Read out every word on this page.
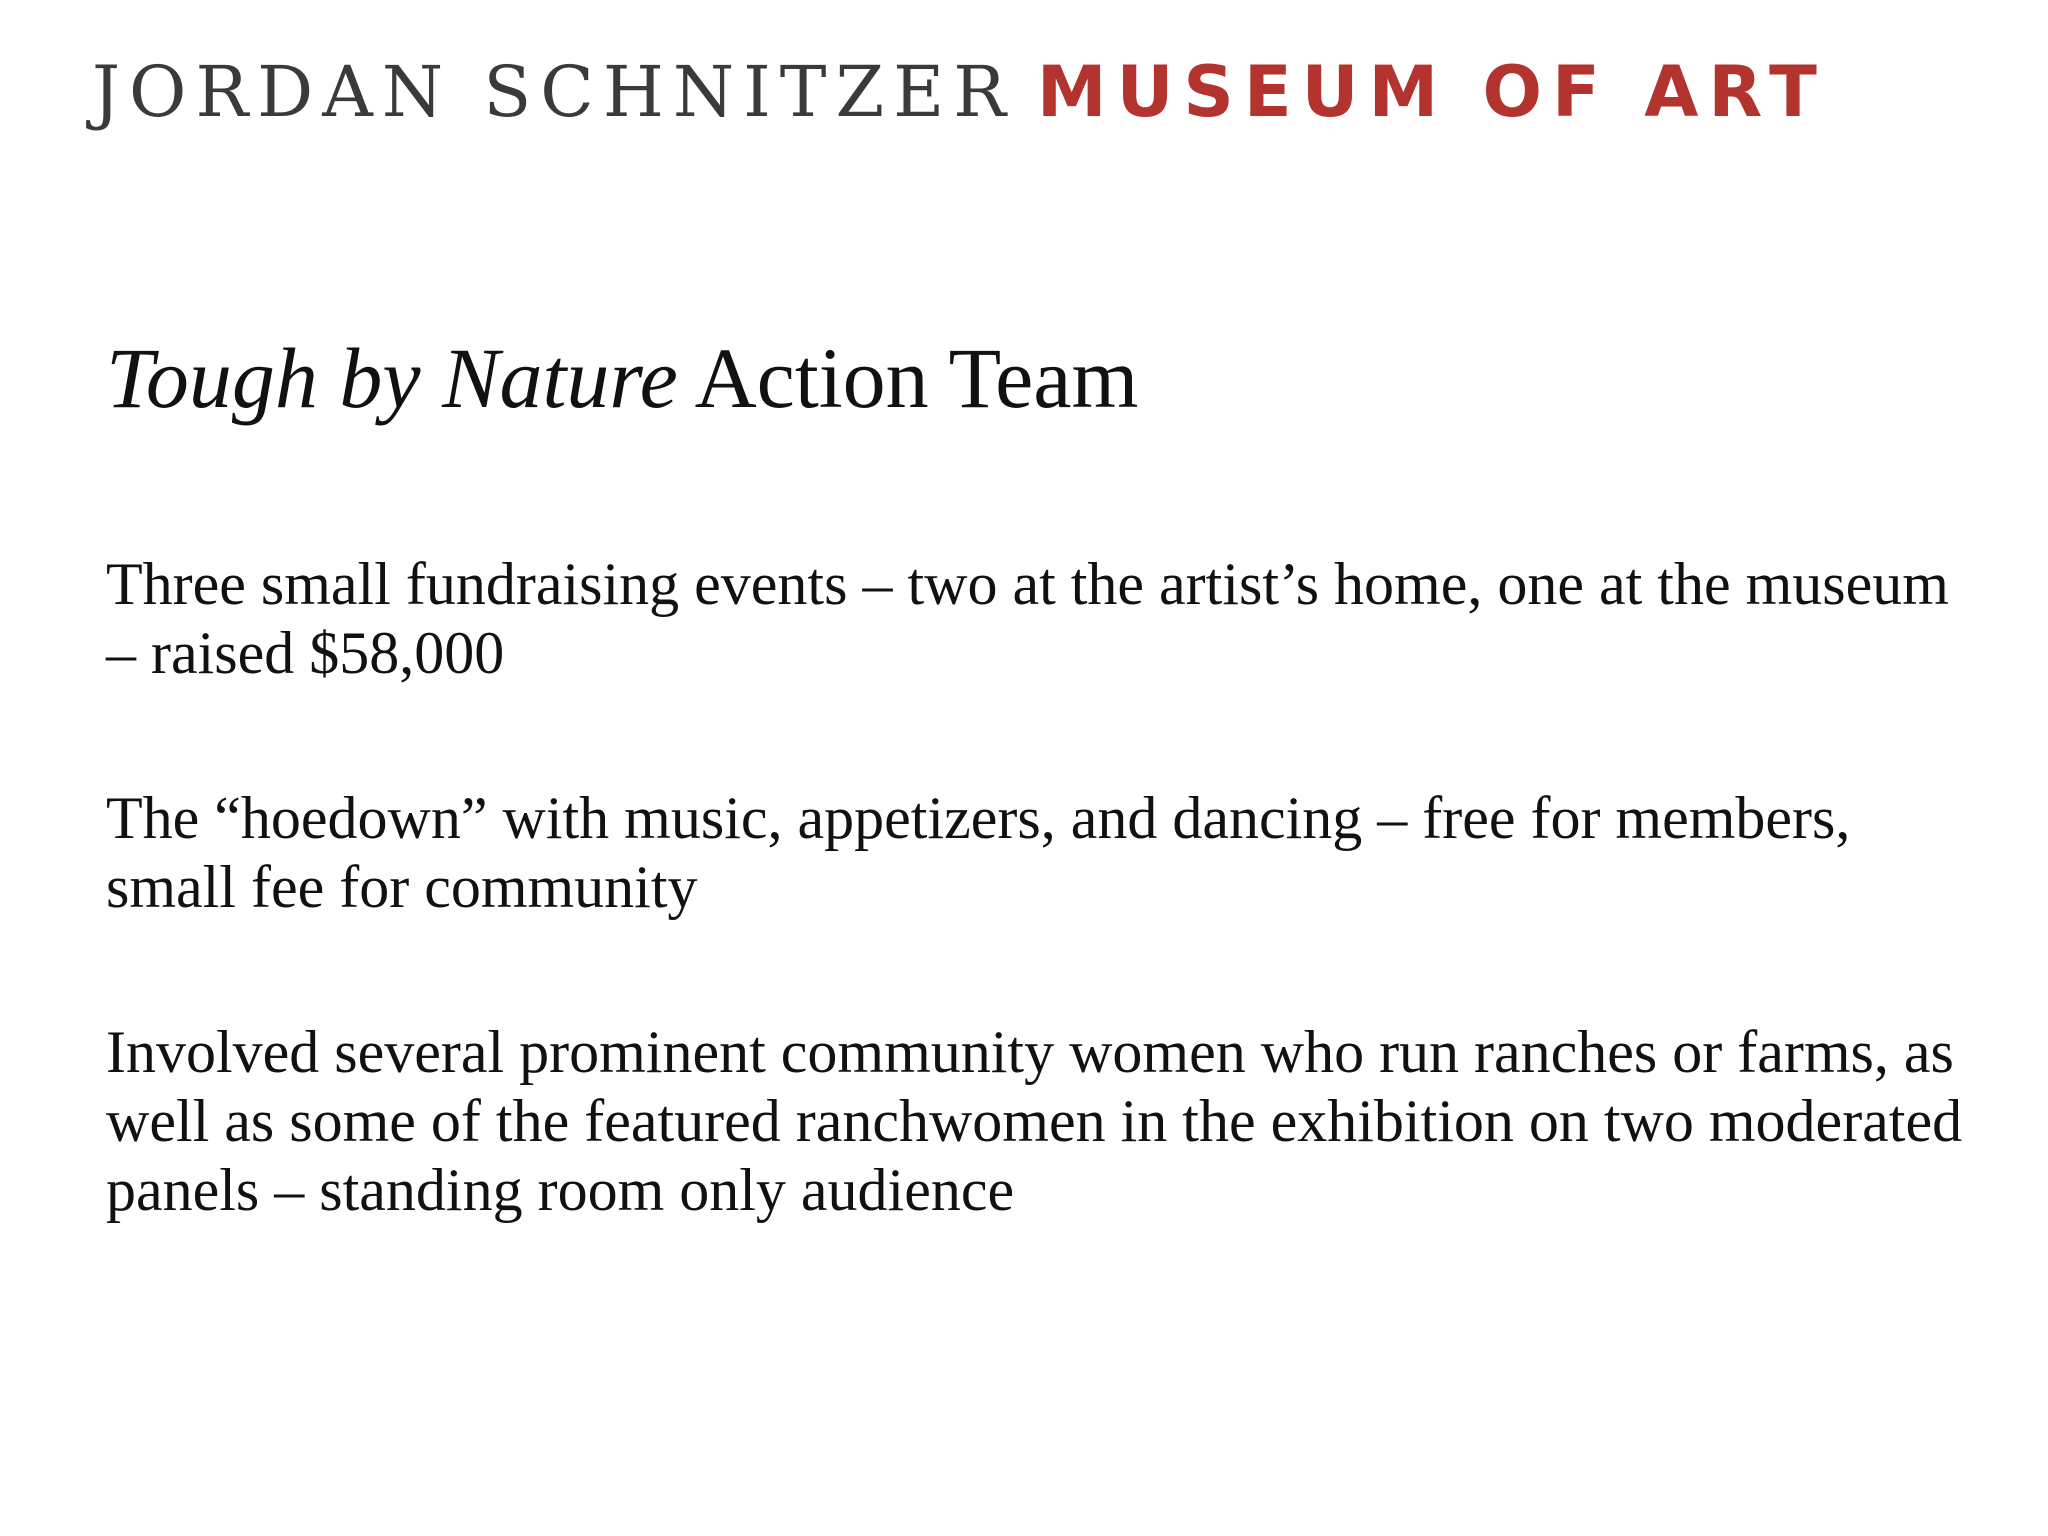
JORDAN SCHNITZER MUSEUM OF ART
Tough by Nature Action Team
Three small fundraising events – two at the artist’s home, one at the museum – raised $58,000
The “hoedown” with music, appetizers, and dancing – free for members, small fee for community
Involved several prominent community women who run ranches or farms, as well as some of the featured ranchwomen in the exhibition on two moderated panels – standing room only audience
